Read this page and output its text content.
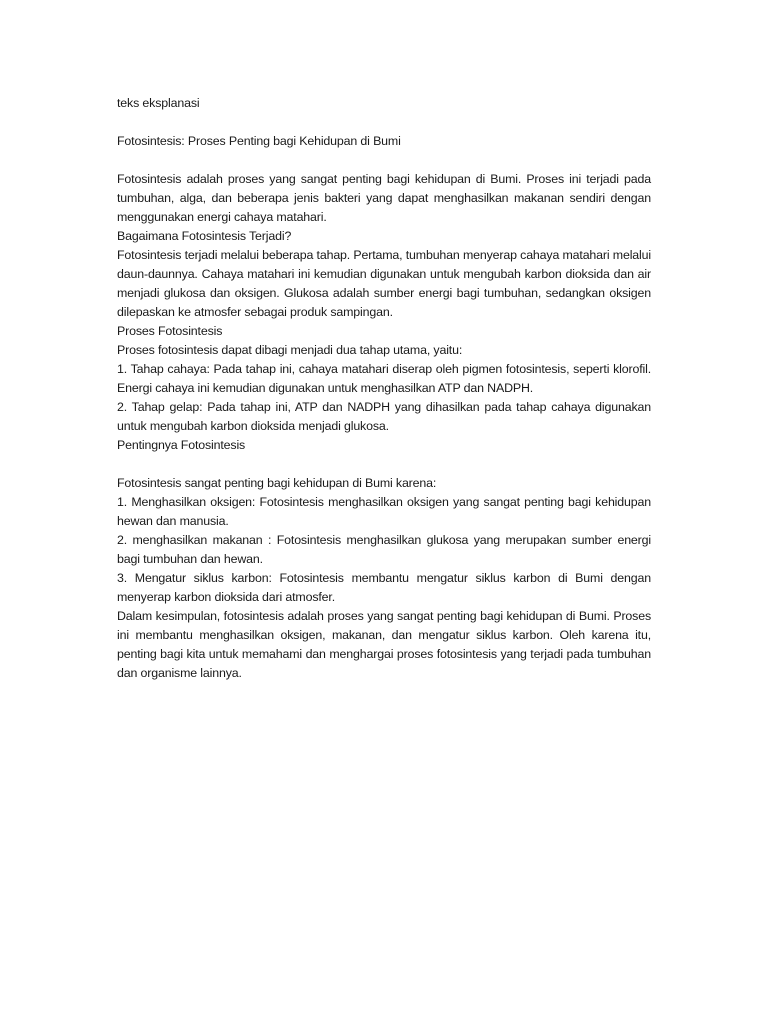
teks eksplanasi

Fotosintesis: Proses Penting bagi Kehidupan di Bumi

Fotosintesis adalah proses yang sangat penting bagi kehidupan di Bumi. Proses ini terjadi pada tumbuhan, alga, dan beberapa jenis bakteri yang dapat menghasilkan makanan sendiri dengan menggunakan energi cahaya matahari.

Bagaimana Fotosintesis Terjadi?

Fotosintesis terjadi melalui beberapa tahap. Pertama, tumbuhan menyerap cahaya matahari melalui daun-daunnya. Cahaya matahari ini kemudian digunakan untuk mengubah karbon dioksida dan air menjadi glukosa dan oksigen. Glukosa adalah sumber energi bagi tumbuhan, sedangkan oksigen dilepaskan ke atmosfer sebagai produk sampingan.

Proses Fotosintesis

Proses fotosintesis dapat dibagi menjadi dua tahap utama, yaitu:

1. Tahap cahaya: Pada tahap ini, cahaya matahari diserap oleh pigmen fotosintesis, seperti klorofil. Energi cahaya ini kemudian digunakan untuk menghasilkan ATP dan NADPH.

2. Tahap gelap: Pada tahap ini, ATP dan NADPH yang dihasilkan pada tahap cahaya digunakan untuk mengubah karbon dioksida menjadi glukosa.

Pentingnya Fotosintesis

Fotosintesis sangat penting bagi kehidupan di Bumi karena:

1. Menghasilkan oksigen: Fotosintesis menghasilkan oksigen yang sangat penting bagi kehidupan hewan dan manusia.

2. menghasilkan makanan : Fotosintesis menghasilkan glukosa yang merupakan sumber energi bagi tumbuhan dan hewan.

3. Mengatur siklus karbon: Fotosintesis membantu mengatur siklus karbon di Bumi dengan menyerap karbon dioksida dari atmosfer.

Dalam kesimpulan, fotosintesis adalah proses yang sangat penting bagi kehidupan di Bumi. Proses ini membantu menghasilkan oksigen, makanan, dan mengatur siklus karbon. Oleh karena itu, penting bagi kita untuk memahami dan menghargai proses fotosintesis yang terjadi pada tumbuhan dan organisme lainnya.
